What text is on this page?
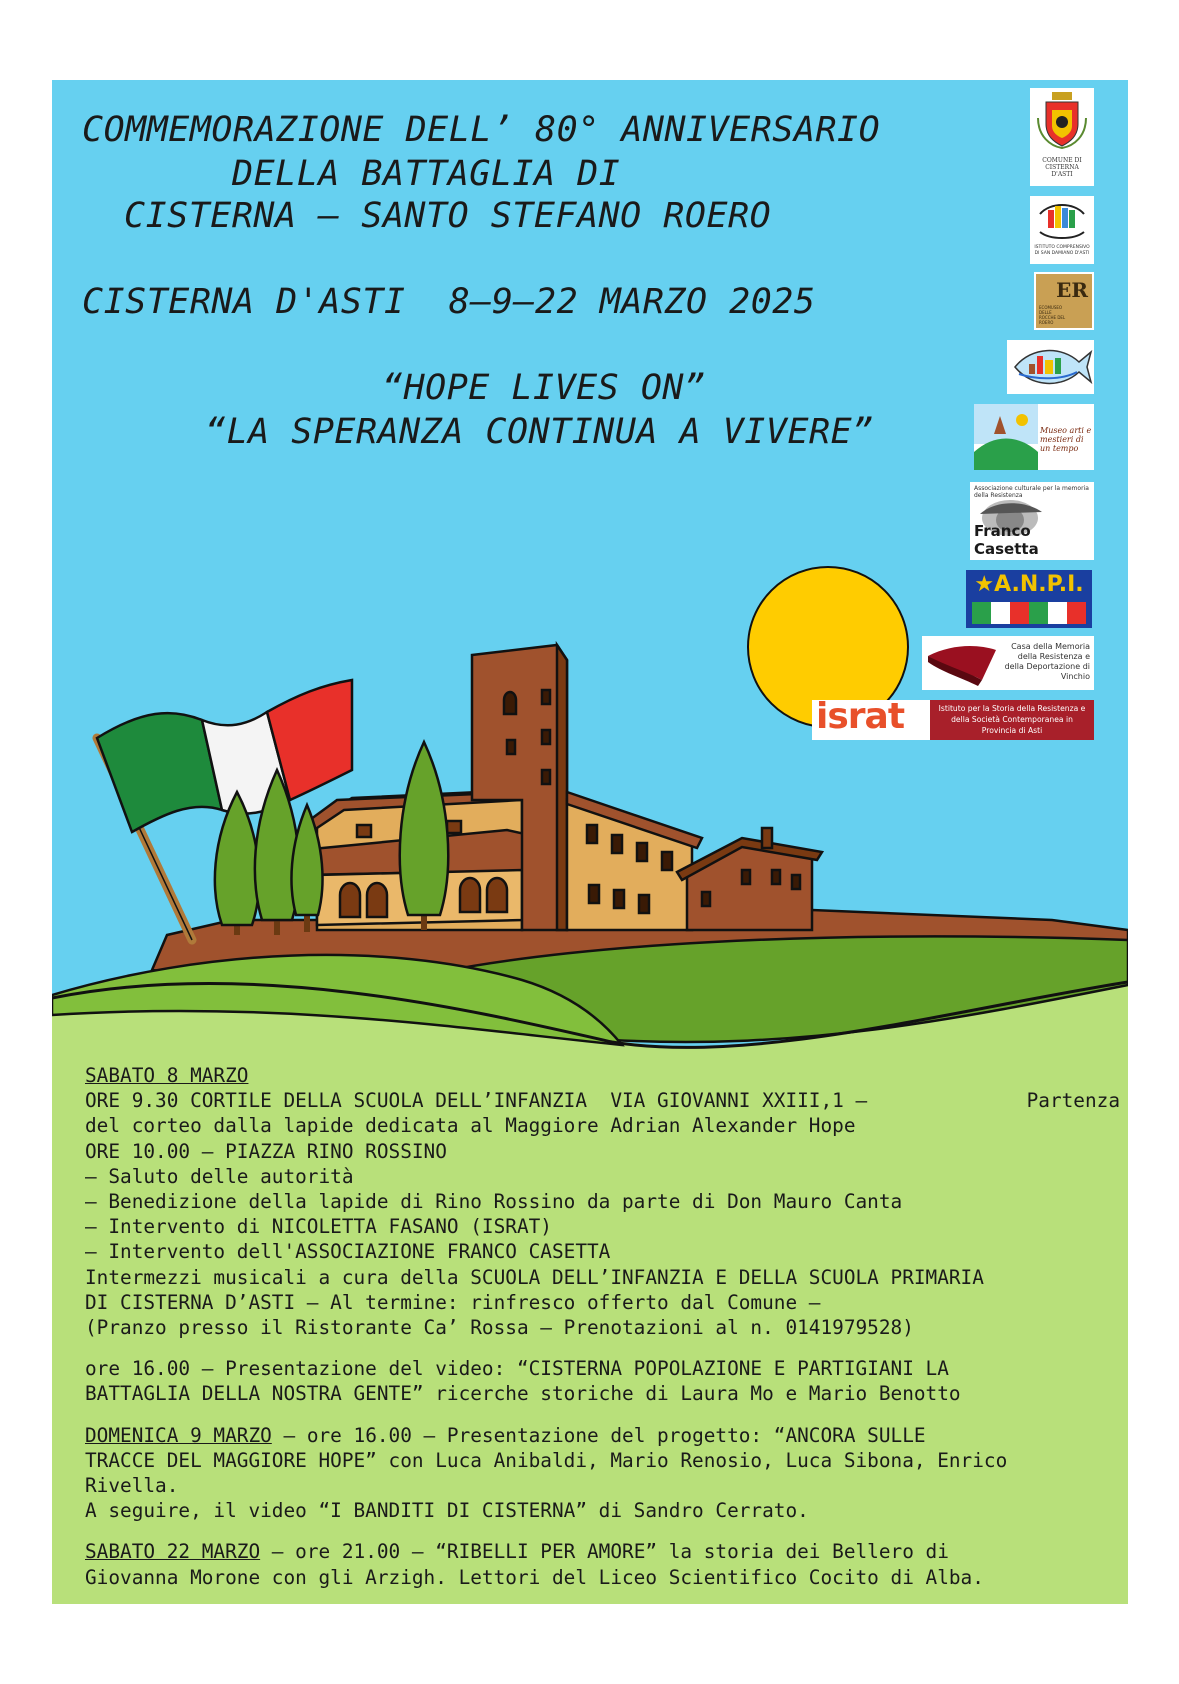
COMMEMORAZIONE DELL’ 80° ANNIVERSARIO
DELLA BATTAGLIA DI
CISTERNA – SANTO STEFANO ROERO
CISTERNA D'ASTI  8–9–22 MARZO 2025
“HOPE LIVES ON”
“LA SPERANZA CONTINUA A VIVERE”
COMUNE DI CISTERNA D'ASTI
ISTITUTO COMPRENSIVO DI SAN DAMIANO D'ASTI
ER
ECOMUSEO DELLE ROCCHE DEL ROERO
Museo arti e mestieri di un tempo
Associazione culturale per la memoria della Resistenza
Franco Casetta
★A.N.P.I.
Casa della Memoria della Resistenza e della Deportazione di Vinchio
israt	Istituto per la Storia della Resistenza e della Società Contemporanea in Provincia di Asti

SABATO 8 MARZO

ORE 9.30 CORTILE DELLA SCUOLA DELL’INFANZIA  VIA GIOVANNI XXIII,1 –	Partenza

del corteo dalla lapide dedicata al Maggiore Adrian Alexander Hope

ORE 10.00 – PIAZZA RINO ROSSINO

– Saluto delle autorità

– Benedizione della lapide di Rino Rossino da parte di Don Mauro Canta

– Intervento di NICOLETTA FASANO (ISRAT)

– Intervento dell'ASSOCIAZIONE FRANCO CASETTA

Intermezzi musicali a cura della SCUOLA DELL’INFANZIA E DELLA SCUOLA PRIMARIA

DI CISTERNA D’ASTI – Al termine: rinfresco offerto dal Comune –

(Pranzo presso il Ristorante Ca’ Rossa – Prenotazioni al n. 0141979528)

ore 16.00 – Presentazione del video: “CISTERNA POPOLAZIONE E PARTIGIANI LA

BATTAGLIA DELLA NOSTRA GENTE” ricerche storiche di Laura Mo e Mario Benotto

DOMENICA 9 MARZO – ore 16.00 – Presentazione del progetto: “ANCORA SULLE

TRACCE DEL MAGGIORE HOPE” con Luca Anibaldi, Mario Renosio, Luca Sibona, Enrico

Rivella.

A seguire, il video “I BANDITI DI CISTERNA” di Sandro Cerrato.

SABATO 22 MARZO – ore 21.00 – “RIBELLI PER AMORE” la storia dei Bellero di

Giovanna Morone con gli Arzigh. Lettori del Liceo Scientifico Cocito di Alba.
